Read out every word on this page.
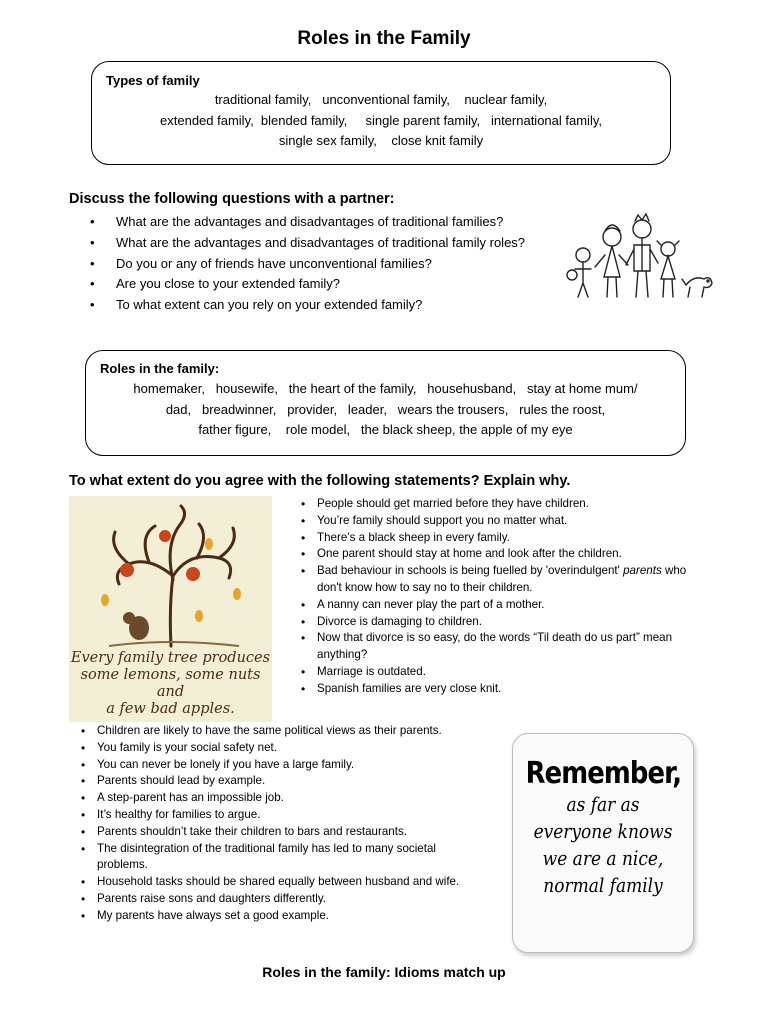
Roles in the Family
Types of family
traditional family,   unconventional family,    nuclear family,
extended family,  blended family,     single parent family,   international family,
single sex family,    close knit family
Discuss the following questions with a partner:
• What are the advantages and disadvantages of traditional families?
• What are the advantages and disadvantages of traditional family roles?
• Do you or any of friends have unconventional families?
• Are you close to your extended family?
• To what extent can you rely on your extended family?
Roles in the family:
homemaker,   housewife,   the heart of the family,   househusband,   stay at home mum/
dad,   breadwinner,   provider,   leader,   wears the trousers,   rules the roost,
father figure,    role model,   the black sheep, the apple of my eye
To what extent do you agree with the following statements? Explain why.
Every family tree produces
some lemons, some nuts and
a few bad apples.
• People should get married before they have children.
• You’re family should support you no matter what.
• There’s a black sheep in every family.
• One parent should stay at home and look after the children.
• Bad behaviour in schools is being fuelled by 'overindulgent' parents who don't know how to say no to their children.
• A nanny can never play the part of a mother.
• Divorce is damaging to children.
• Now that divorce is so easy, do the words “Til death do us part” mean anything?
• Marriage is outdated.
• Spanish families are very close knit.
• Children are likely to have the same political views as their parents.
• You family is your social safety net.
• You can never be lonely if you have a large family.
• Parents should lead by example.
• A step-parent has an impossible job.
• It’s healthy for families to argue.
• Parents shouldn’t take their children to bars and restaurants.
• The disintegration of the traditional family has led to many societal problems.
• Household tasks should be shared equally between husband and wife.
• Parents raise sons and daughters differently.
• My parents have always set a good example.
Remember,
as far as
everyone knows
we are a nice,
normal family
Roles in the family: Idioms match up
